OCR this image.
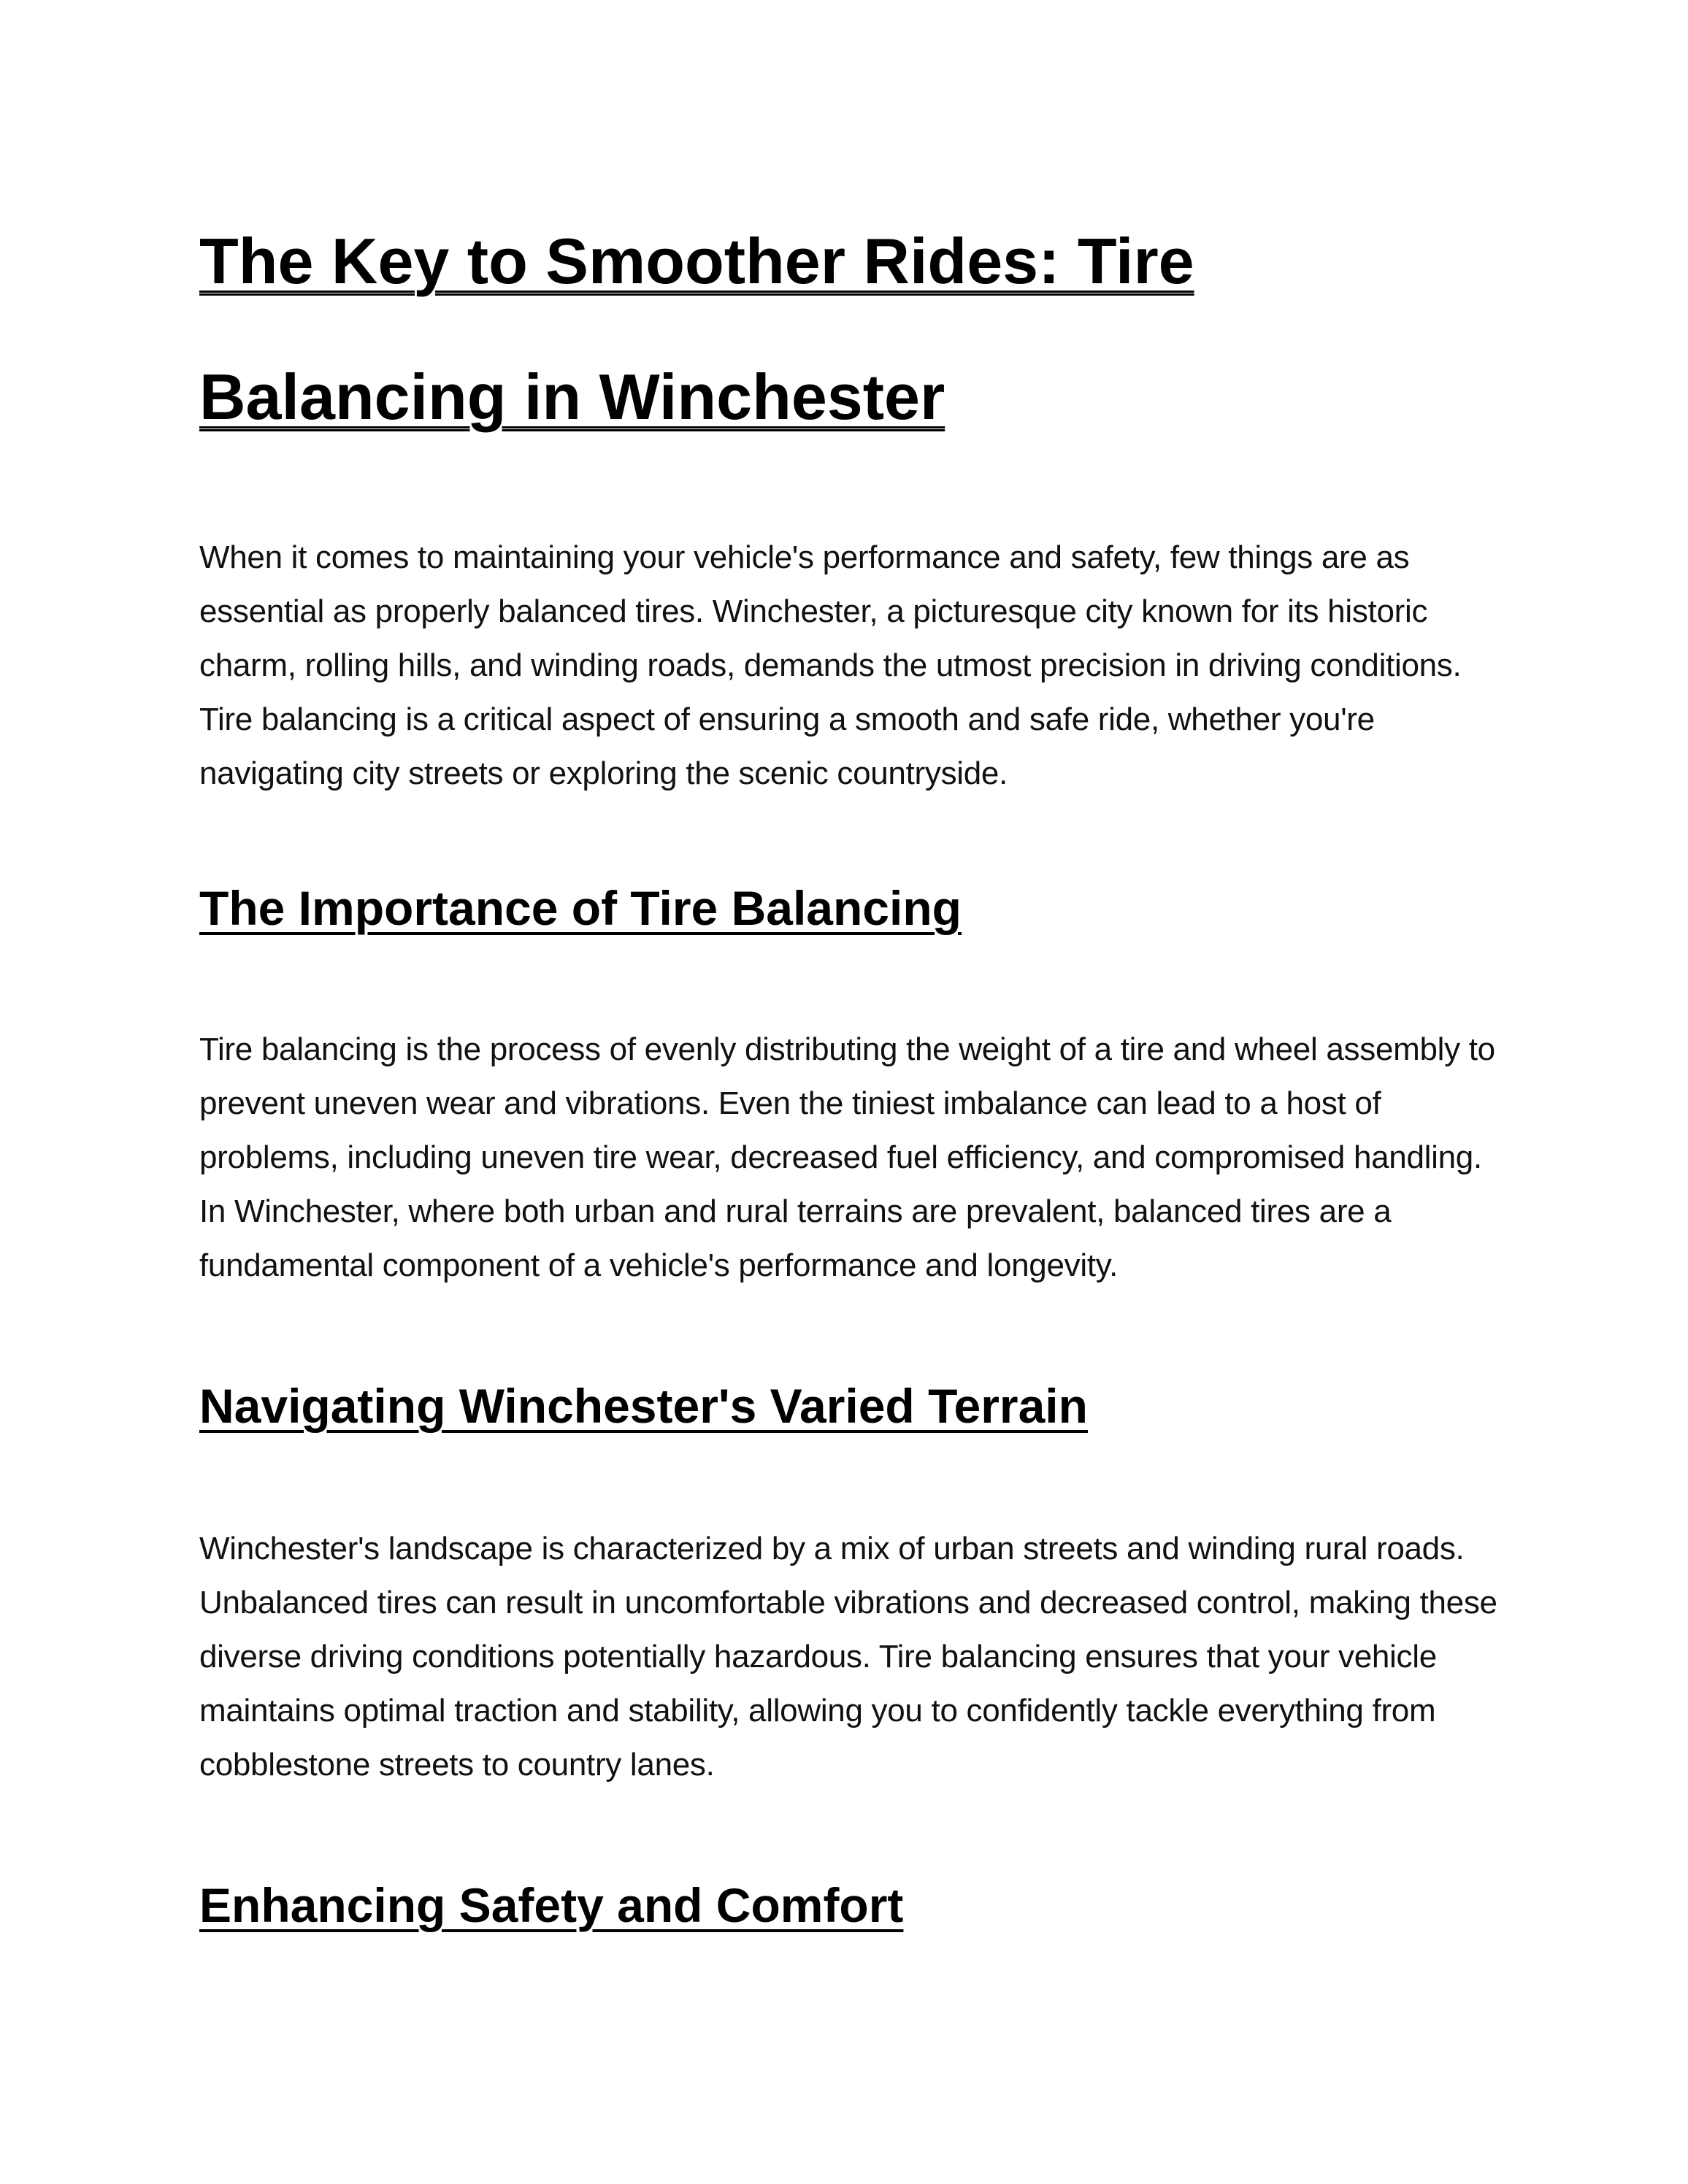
The Key to Smoother Rides: Tire Balancing in Winchester

When it comes to maintaining your vehicle's performance and safety, few things are as essential as properly balanced tires. Winchester, a picturesque city known for its historic charm, rolling hills, and winding roads, demands the utmost precision in driving conditions. Tire balancing is a critical aspect of ensuring a smooth and safe ride, whether you're navigating city streets or exploring the scenic countryside.

The Importance of Tire Balancing

Tire balancing is the process of evenly distributing the weight of a tire and wheel assembly to prevent uneven wear and vibrations. Even the tiniest imbalance can lead to a host of problems, including uneven tire wear, decreased fuel efficiency, and compromised handling. In Winchester, where both urban and rural terrains are prevalent, balanced tires are a fundamental component of a vehicle's performance and longevity.

Navigating Winchester's Varied Terrain

Winchester's landscape is characterized by a mix of urban streets and winding rural roads. Unbalanced tires can result in uncomfortable vibrations and decreased control, making these diverse driving conditions potentially hazardous. Tire balancing ensures that your vehicle maintains optimal traction and stability, allowing you to confidently tackle everything from cobblestone streets to country lanes.

Enhancing Safety and Comfort
